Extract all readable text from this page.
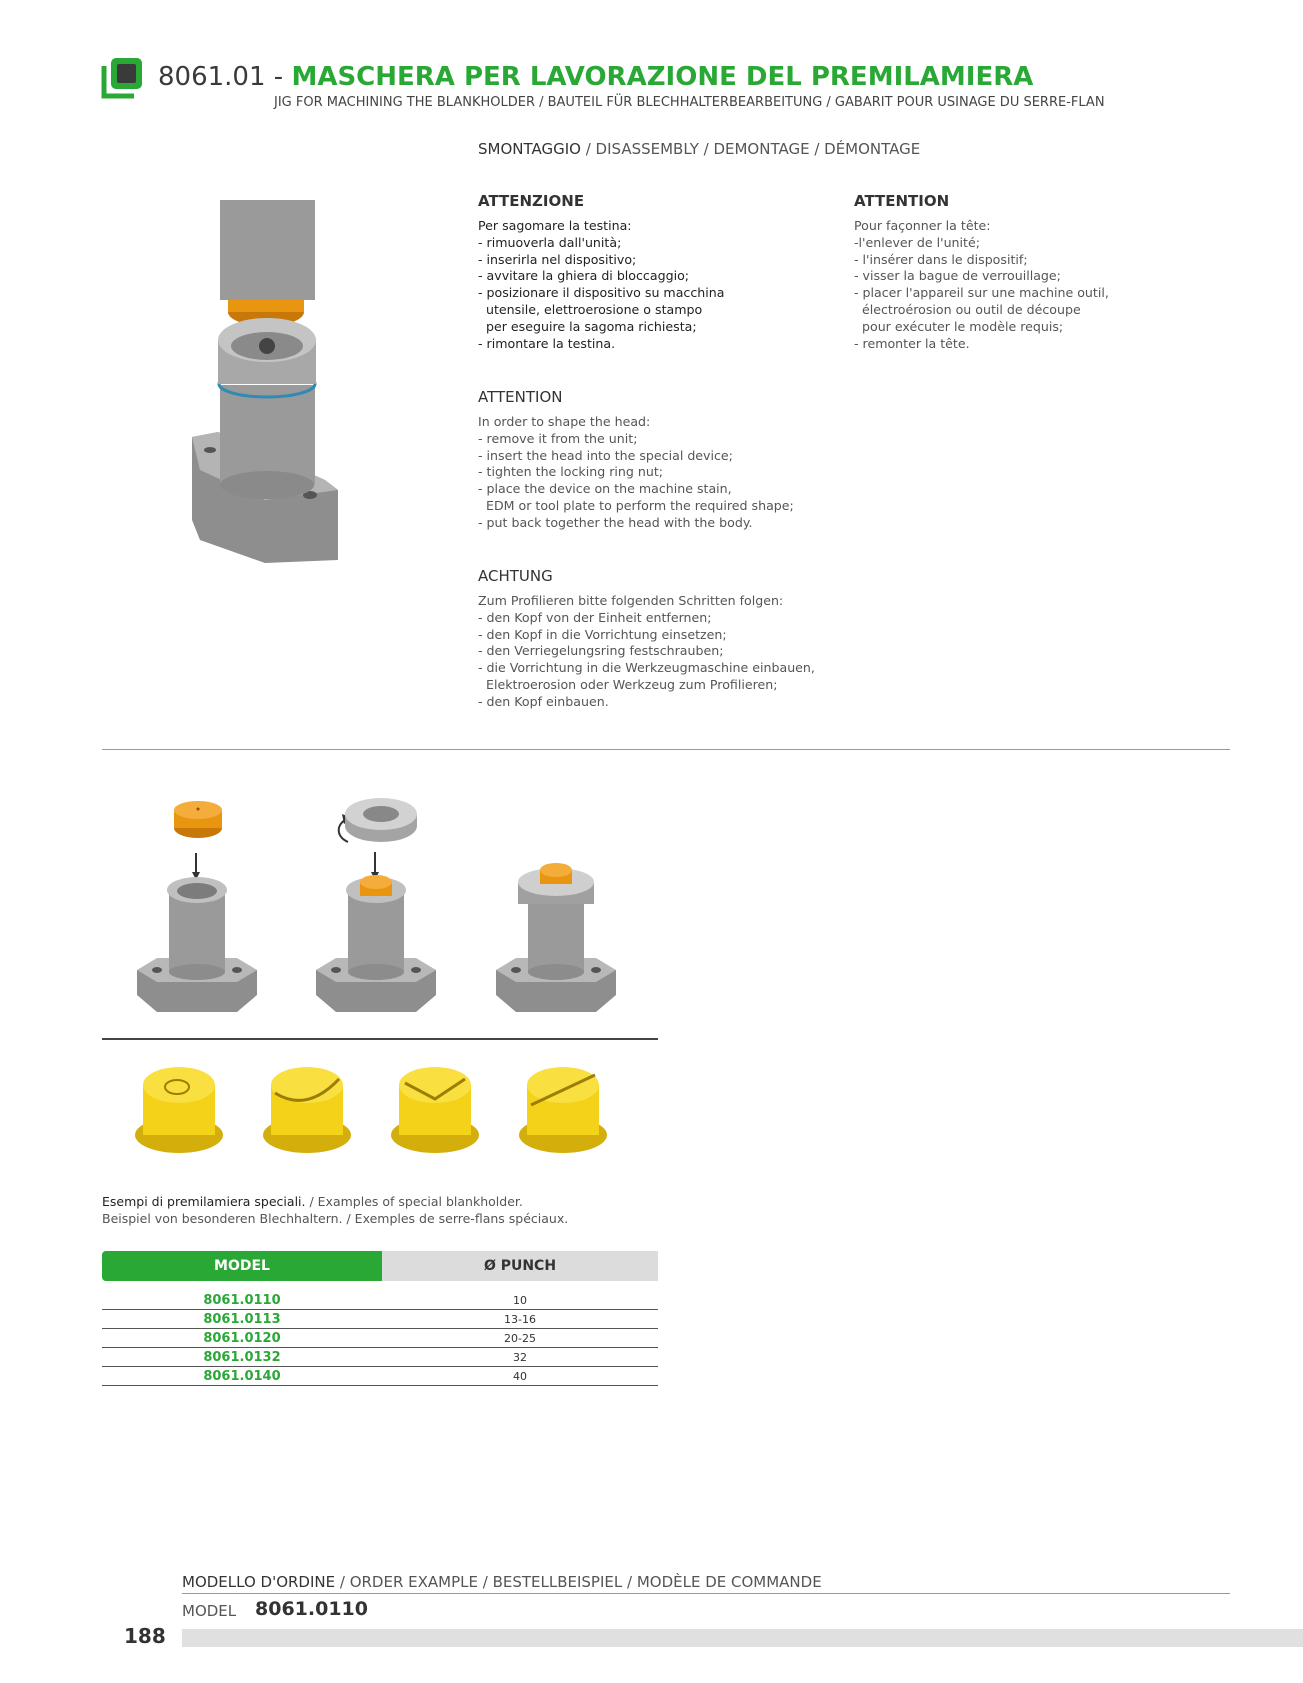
8061.01 - MASCHERA PER LAVORAZIONE DEL PREMILAMIERA
JIG FOR MACHINING THE BLANKHOLDER / BAUTEIL FÜR BLECHHALTERBEARBEITUNG / GABARIT POUR USINAGE DU SERRE-FLAN
SMONTAGGIO / DISASSEMBLY / DEMONTAGE / DÉMONTAGE
ATTENZIONE
Per sagomare la testina:
- rimuoverla dall'unità;
- inserirla nel dispositivo;
- avvitare la ghiera di bloccaggio;
- posizionare il dispositivo su macchina
utensile, elettroerosione o stampo
per eseguire la sagoma richiesta;
- rimontare la testina.
ATTENTION
Pour façonner la tête:
-l'enlever de l'unité;
- l'insérer dans le dispositif;
- visser la bague de verrouillage;
- placer l'appareil sur une machine outil,
électroérosion ou outil de découpe
pour exécuter le modèle requis;
- remonter la tête.
ATTENTION
In order to shape the head:
- remove it from the unit;
- insert the head into the special device;
- tighten the locking ring nut;
- place the device on the machine stain,
EDM or tool plate to perform the required shape;
- put back together the head with the body.
ACHTUNG
Zum Profilieren bitte folgenden Schritten folgen:
- den Kopf von der Einheit entfernen;
- den Kopf in die Vorrichtung einsetzen;
- den Verriegelungsring festschrauben;
- die Vorrichtung in die Werkzeugmaschine einbauen,
Elektroerosion oder Werkzeug zum Profilieren;
- den Kopf einbauen.
Esempi di premilamiera speciali. / Examples of special blankholder.
Beispiel von besonderen Blechhaltern. / Exemples de serre-flans spéciaux.
MODEL	Ø PUNCH

8061.0110	10
8061.0113	13-16
8061.0120	20-25
8061.0132	32
8061.0140	40
MODELLO D'ORDINE / ORDER EXAMPLE / BESTELLBEISPIEL / MODÈLE DE COMMANDE
MODEL 8061.0110
188
